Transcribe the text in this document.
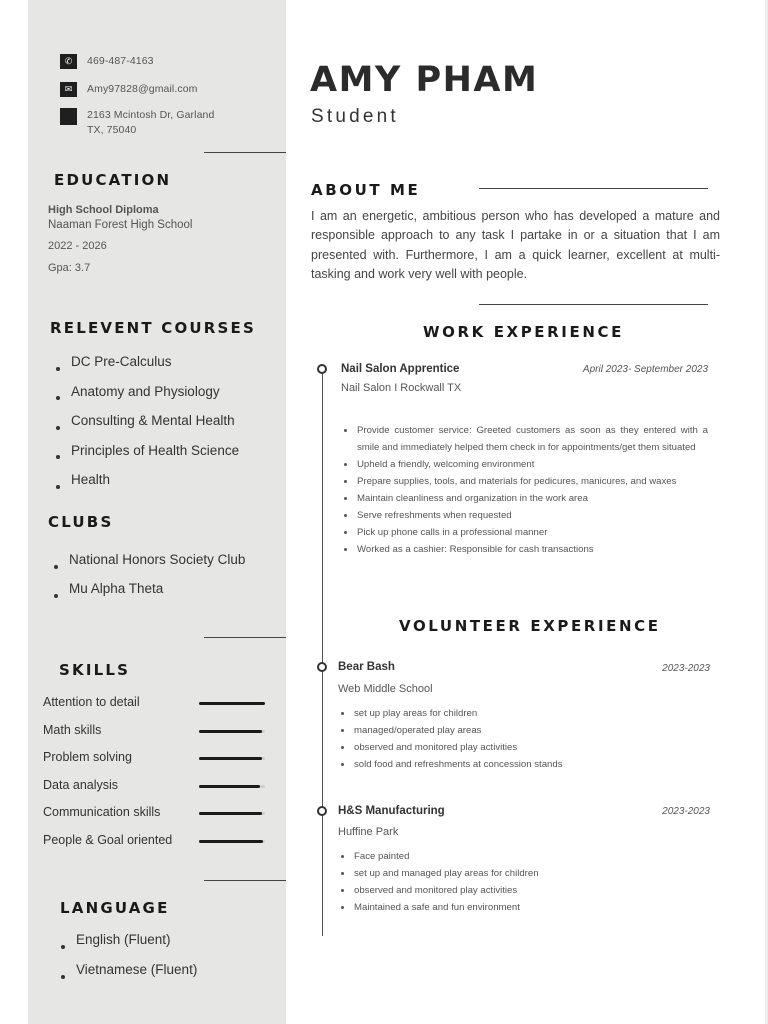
✆	469-487-4163
✉	Amy97828@gmail.com
2163 Mcintosh Dr, Garland
TX, 75040
EDUCATION
High School Diploma
Naaman Forest High School
2022 - 2026
Gpa: 3.7
RELEVENT COURSES
DC Pre-Calculus
Anatomy and Physiology
Consulting & Mental Health
Principles of Health Science
Health
CLUBS
National Honors Society Club
Mu Alpha Theta
SKILLS
Attention to detail
Math skills
Problem solving
Data analysis
Communication skills
People & Goal oriented
LANGUAGE
English (Fluent)
Vietnamese (Fluent)
AMY PHAM
Student
ABOUT ME
I am an energetic, ambitious person who has developed a mature and responsible approach to any task I partake in or a situation that I am presented with. Furthermore, I am a quick learner, excellent at multi-tasking and work very well with people.
WORK EXPERIENCE
Nail Salon Apprentice	April 2023- September 2023
Nail Salon I Rockwall TX
Provide customer service: Greeted customers as soon as they entered with a smile and immediately helped them check in for appointments/get them situated
Upheld a friendly, welcoming environment
Prepare supplies, tools, and materials for pedicures, manicures, and waxes
Maintain cleanliness and organization in the work area
Serve refreshments when requested
Pick up phone calls in a professional manner
Worked as a cashier: Responsible for cash transactions
VOLUNTEER EXPERIENCE
Bear Bash	2023-2023
Web Middle School
set up play areas for children
managed/operated play areas
observed and monitored play activities
sold food and refreshments at concession stands
H&S Manufacturing	2023-2023
Huffine Park
Face painted
set up and managed play areas for children
observed and monitored play activities
Maintained a safe and fun environment
